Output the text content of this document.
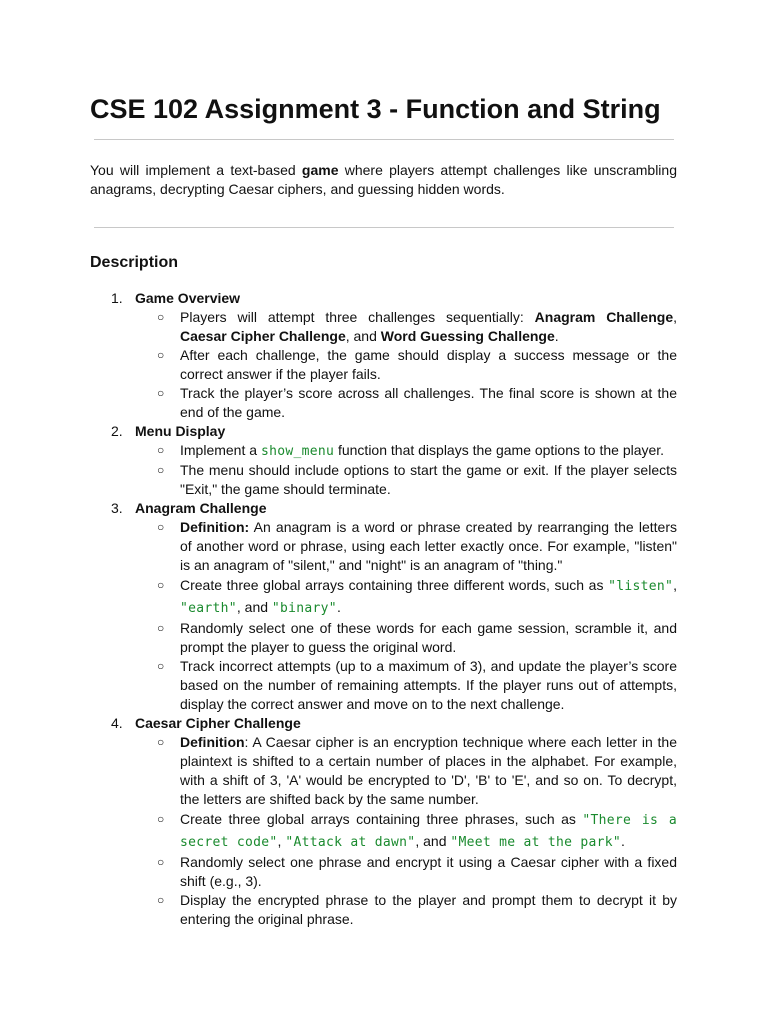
CSE 102 Assignment 3 - Function and String

You will implement a text-based game where players attempt challenges like unscrambling anagrams, decrypting Caesar ciphers, and guessing hidden words.

Description
1. Game Overview
○ Players will attempt three challenges sequentially: Anagram Challenge, Caesar Cipher Challenge, and Word Guessing Challenge.
○ After each challenge, the game should display a success message or the correct answer if the player fails.
○ Track the player’s score across all challenges. The final score is shown at the end of the game.
2. Menu Display
○ Implement a show_menu function that displays the game options to the player.
○ The menu should include options to start the game or exit. If the player selects "Exit," the game should terminate.
3. Anagram Challenge
○ Definition: An anagram is a word or phrase created by rearranging the letters of another word or phrase, using each letter exactly once. For example, "listen" is an anagram of "silent," and "night" is an anagram of "thing."
○ Create three global arrays containing three different words, such as "listen", "earth", and "binary".
○ Randomly select one of these words for each game session, scramble it, and prompt the player to guess the original word.
○ Track incorrect attempts (up to a maximum of 3), and update the player’s score based on the number of remaining attempts. If the player runs out of attempts, display the correct answer and move on to the next challenge.
4. Caesar Cipher Challenge
○ Definition: A Caesar cipher is an encryption technique where each letter in the plaintext is shifted to a certain number of places in the alphabet. For example, with a shift of 3, 'A' would be encrypted to 'D', 'B' to 'E', and so on. To decrypt, the letters are shifted back by the same number.
○ Create three global arrays containing three phrases, such as "There is a secret code", "Attack at dawn", and "Meet me at the park".
○ Randomly select one phrase and encrypt it using a Caesar cipher with a fixed shift (e.g., 3).
○ Display the encrypted phrase to the player and prompt them to decrypt it by entering the original phrase.
